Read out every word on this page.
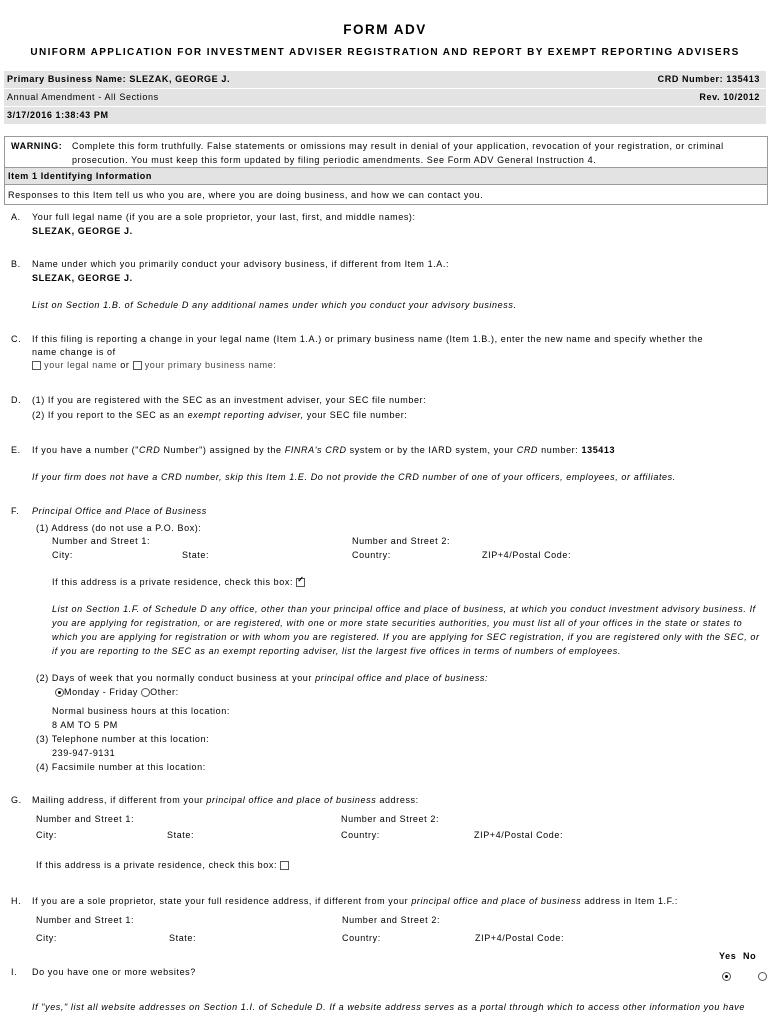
FORM ADV
UNIFORM APPLICATION FOR INVESTMENT ADVISER REGISTRATION AND REPORT BY EXEMPT REPORTING ADVISERS
Primary Business Name: SLEZAK, GEORGE J.	CRD Number: 135413
Annual Amendment - All Sections	Rev. 10/2012
3/17/2016 1:38:43 PM
WARNING: Complete this form truthfully. False statements or omissions may result in denial of your application, revocation of your registration, or criminal
prosecution. You must keep this form updated by filing periodic amendments. See Form ADV General Instruction 4.
Item 1 Identifying Information
Responses to this Item tell us who you are, where you are doing business, and how we can contact you.
A. Your full legal name (if you are a sole proprietor, your last, first, and middle names):
SLEZAK, GEORGE J.
B. Name under which you primarily conduct your advisory business, if different from Item 1.A.:
SLEZAK, GEORGE J.
List on Section 1.B. of Schedule D any additional names under which you conduct your advisory business.
C. If this filing is reporting a change in your legal name (Item 1.A.) or primary business name (Item 1.B.), enter the new name and specify whether the
name change is of
your legal name or your primary business name:
D. (1) If you are registered with the SEC as an investment adviser, your SEC file number:
(2) If you report to the SEC as an exempt reporting adviser, your SEC file number:
E. If you have a number ("CRD Number") assigned by the FINRA's CRD system or by the IARD system, your CRD number: 135413
If your firm does not have a CRD number, skip this Item 1.E. Do not provide the CRD number of one of your officers, employees, or affiliates.
F. Principal Office and Place of Business
(1) Address (do not use a P.O. Box):
Number and Street 1:	Number and Street 2:
City:	State:	Country:	ZIP+4/Postal Code:
If this address is a private residence, check this box: ✓
List on Section 1.F. of Schedule D any office, other than your principal office and place of business, at which you conduct investment advisory business. If
you are applying for registration, or are registered, with one or more state securities authorities, you must list all of your offices in the state or states to
which you are applying for registration or with whom you are registered. If you are applying for SEC registration, if you are registered only with the SEC, or
if you are reporting to the SEC as an exempt reporting adviser, list the largest five offices in terms of numbers of employees.
(2) Days of week that you normally conduct business at your principal office and place of business:
Monday - Friday Other:
Normal business hours at this location:
8 AM TO 5 PM
(3) Telephone number at this location:
239-947-9131
(4) Facsimile number at this location:
G. Mailing address, if different from your principal office and place of business address:
Number and Street 1:	Number and Street 2:
City:	State:	Country:	ZIP+4/Postal Code:
If this address is a private residence, check this box:
H. If you are a sole proprietor, state your full residence address, if different from your principal office and place of business address in Item 1.F.:
Number and Street 1:	Number and Street 2:
City:	State:	Country:	ZIP+4/Postal Code:
Yes No
I. Do you have one or more websites?

If "yes," list all website addresses on Section 1.I. of Schedule D. If a website address serves as a portal through which to access other information you have
